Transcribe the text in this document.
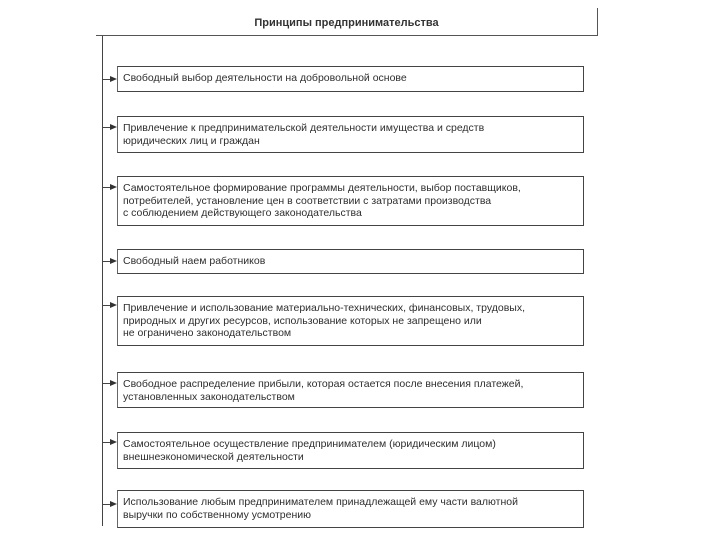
Принципы предпринимательства
Свободный выбор деятельности на добровольной основе
Привлечение к предпринимательской деятельности имущества и средств
юридических лиц и граждан
Самостоятельное формирование программы деятельности, выбор поставщиков,
потребителей, установление цен в соответствии с затратами производства
с соблюдением действующего законодательства
Свободный наем работников
Привлечение и использование материально-технических, финансовых, трудовых,
природных и других ресурсов, использование которых не запрещено или
не ограничено законодательством
Свободное распределение прибыли, которая остается после внесения платежей,
установленных законодательством
Самостоятельное осуществление предпринимателем (юридическим лицом)
внешнеэкономической деятельности
Использование любым предпринимателем принадлежащей ему части валютной
выручки по собственному усмотрению
